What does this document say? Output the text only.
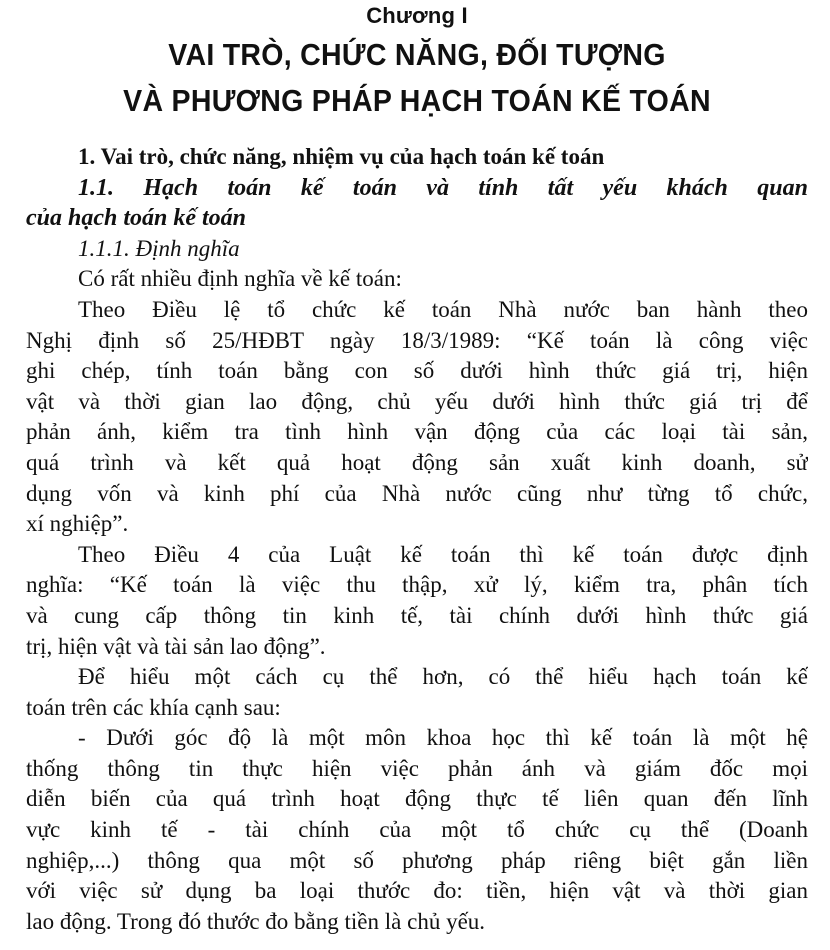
Chương I
VAI TRÒ, CHỨC NĂNG, ĐỐI TƯỢNG
VÀ PHƯƠNG PHÁP HẠCH TOÁN KẾ TOÁN
1. Vai trò, chức năng, nhiệm vụ của hạch toán kế toán
1.1. Hạch toán kế toán và tính tất yếu khách quan
của hạch toán kế toán
1.1.1. Định nghĩa
Có rất nhiều định nghĩa về kế toán:
Theo Điều lệ tổ chức kế toán Nhà nước ban hành theo
Nghị định số 25/HĐBT ngày 18/3/1989: “Kế toán là công việc
ghi chép, tính toán bằng con số dưới hình thức giá trị, hiện
vật và thời gian lao động, chủ yếu dưới hình thức giá trị để
phản ánh, kiểm tra tình hình vận động của các loại tài sản,
quá trình và kết quả hoạt động sản xuất kinh doanh, sử
dụng vốn và kinh phí của Nhà nước cũng như từng tổ chức,
xí nghiệp”.
Theo Điều 4 của Luật kế toán thì kế toán được định
nghĩa: “Kế toán là việc thu thập, xử lý, kiểm tra, phân tích
và cung cấp thông tin kinh tế, tài chính dưới hình thức giá
trị, hiện vật và tài sản lao động”.
Để hiểu một cách cụ thể hơn, có thể hiểu hạch toán kế
toán trên các khía cạnh sau:
- Dưới góc độ là một môn khoa học thì kế toán là một hệ
thống thông tin thực hiện việc phản ánh và giám đốc mọi
diễn biến của quá trình hoạt động thực tế liên quan đến lĩnh
vực kinh tế - tài chính của một tổ chức cụ thể (Doanh
nghiệp,...) thông qua một số phương pháp riêng biệt gắn liền
với việc sử dụng ba loại thước đo: tiền, hiện vật và thời gian
lao động. Trong đó thước đo bằng tiền là chủ yếu.
